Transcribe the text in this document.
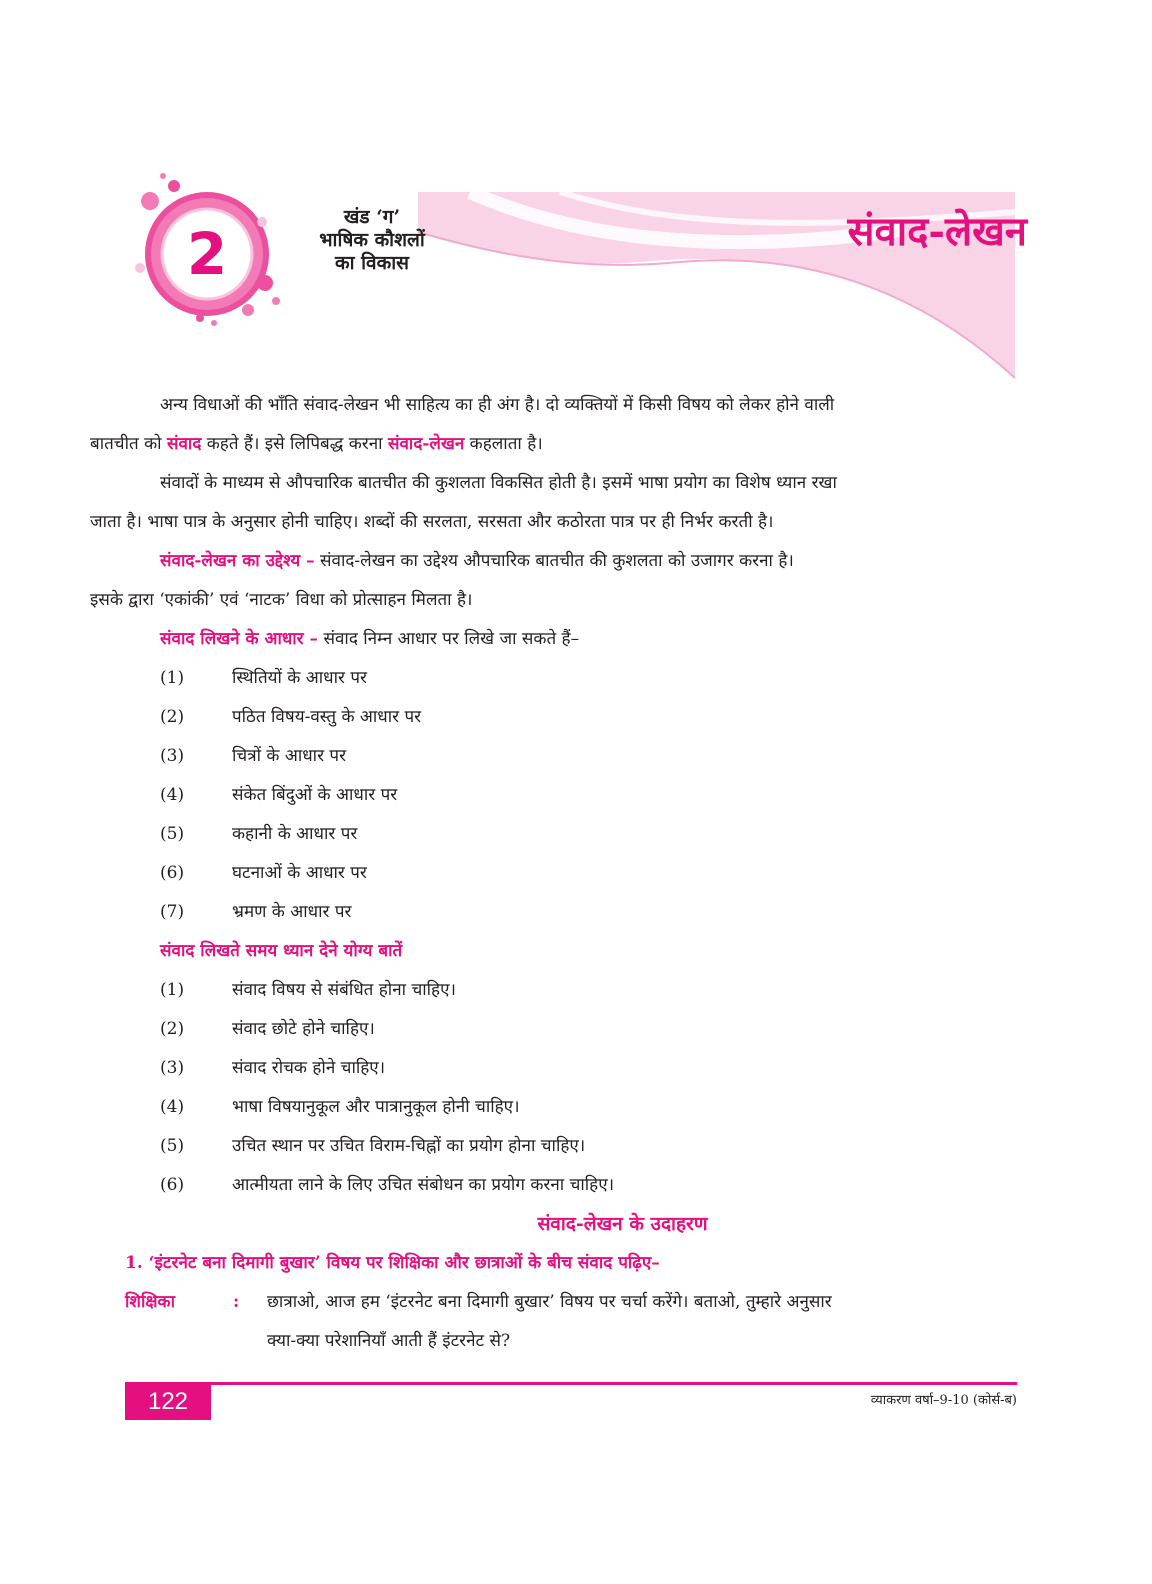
2
खंड ‘ग’
भाषिक कौशलों
का विकास
संवाद-लेखन

अन्य विधाओं की भाँति संवाद-लेखन भी साहित्य का ही अंग है। दो व्यक्तियों में किसी विषय को लेकर होने वाली
बातचीत को संवाद कहते हैं। इसे लिपिबद्ध करना संवाद-लेखन कहलाता है।

संवादों के माध्यम से औपचारिक बातचीत की कुशलता विकसित होती है। इसमें भाषा प्रयोग का विशेष ध्यान रखा
जाता है। भाषा पात्र के अनुसार होनी चाहिए। शब्दों की सरलता, सरसता और कठोरता पात्र पर ही निर्भर करती है।

संवाद-लेखन का उद्देश्य – संवाद-लेखन का उद्देश्य औपचारिक बातचीत की कुशलता को उजागर करना है।
इसके द्वारा ‘एकांकी’ एवं ‘नाटक’ विधा को प्रोत्साहन मिलता है।

संवाद लिखने के आधार – संवाद निम्न आधार पर लिखे जा सकते हैं–
(1)	स्थितियों के आधार पर
(2)	पठित विषय-वस्तु के आधार पर
(3)	चित्रों के आधार पर
(4)	संकेत बिंदुओं के आधार पर
(5)	कहानी के आधार पर
(6)	घटनाओं के आधार पर
(7)	भ्रमण के आधार पर
संवाद लिखते समय ध्यान देने योग्य बातें
(1)	संवाद विषय से संबंधित होना चाहिए।
(2)	संवाद छोटे होने चाहिए।
(3)	संवाद रोचक होने चाहिए।
(4)	भाषा विषयानुकूल और पात्रानुकूल होनी चाहिए।
(5)	उचित स्थान पर उचित विराम-चिह्नों का प्रयोग होना चाहिए।
(6)	आत्मीयता लाने के लिए उचित संबोधन का प्रयोग करना चाहिए।
संवाद-लेखन के उदाहरण
1. ‘इंटरनेट बना दिमागी बुखार’ विषय पर शिक्षिका और छात्राओं के बीच संवाद पढ़िए–
शिक्षिका	: छात्राओ, आज हम ‘इंटरनेट बना दिमागी बुखार’ विषय पर चर्चा करेंगे। बताओ, तुम्हारे अनुसार
क्या-क्या परेशानियाँ आती हैं इंटरनेट से?
122	व्याकरण वर्षा–9-10 (कोर्स-ब)
